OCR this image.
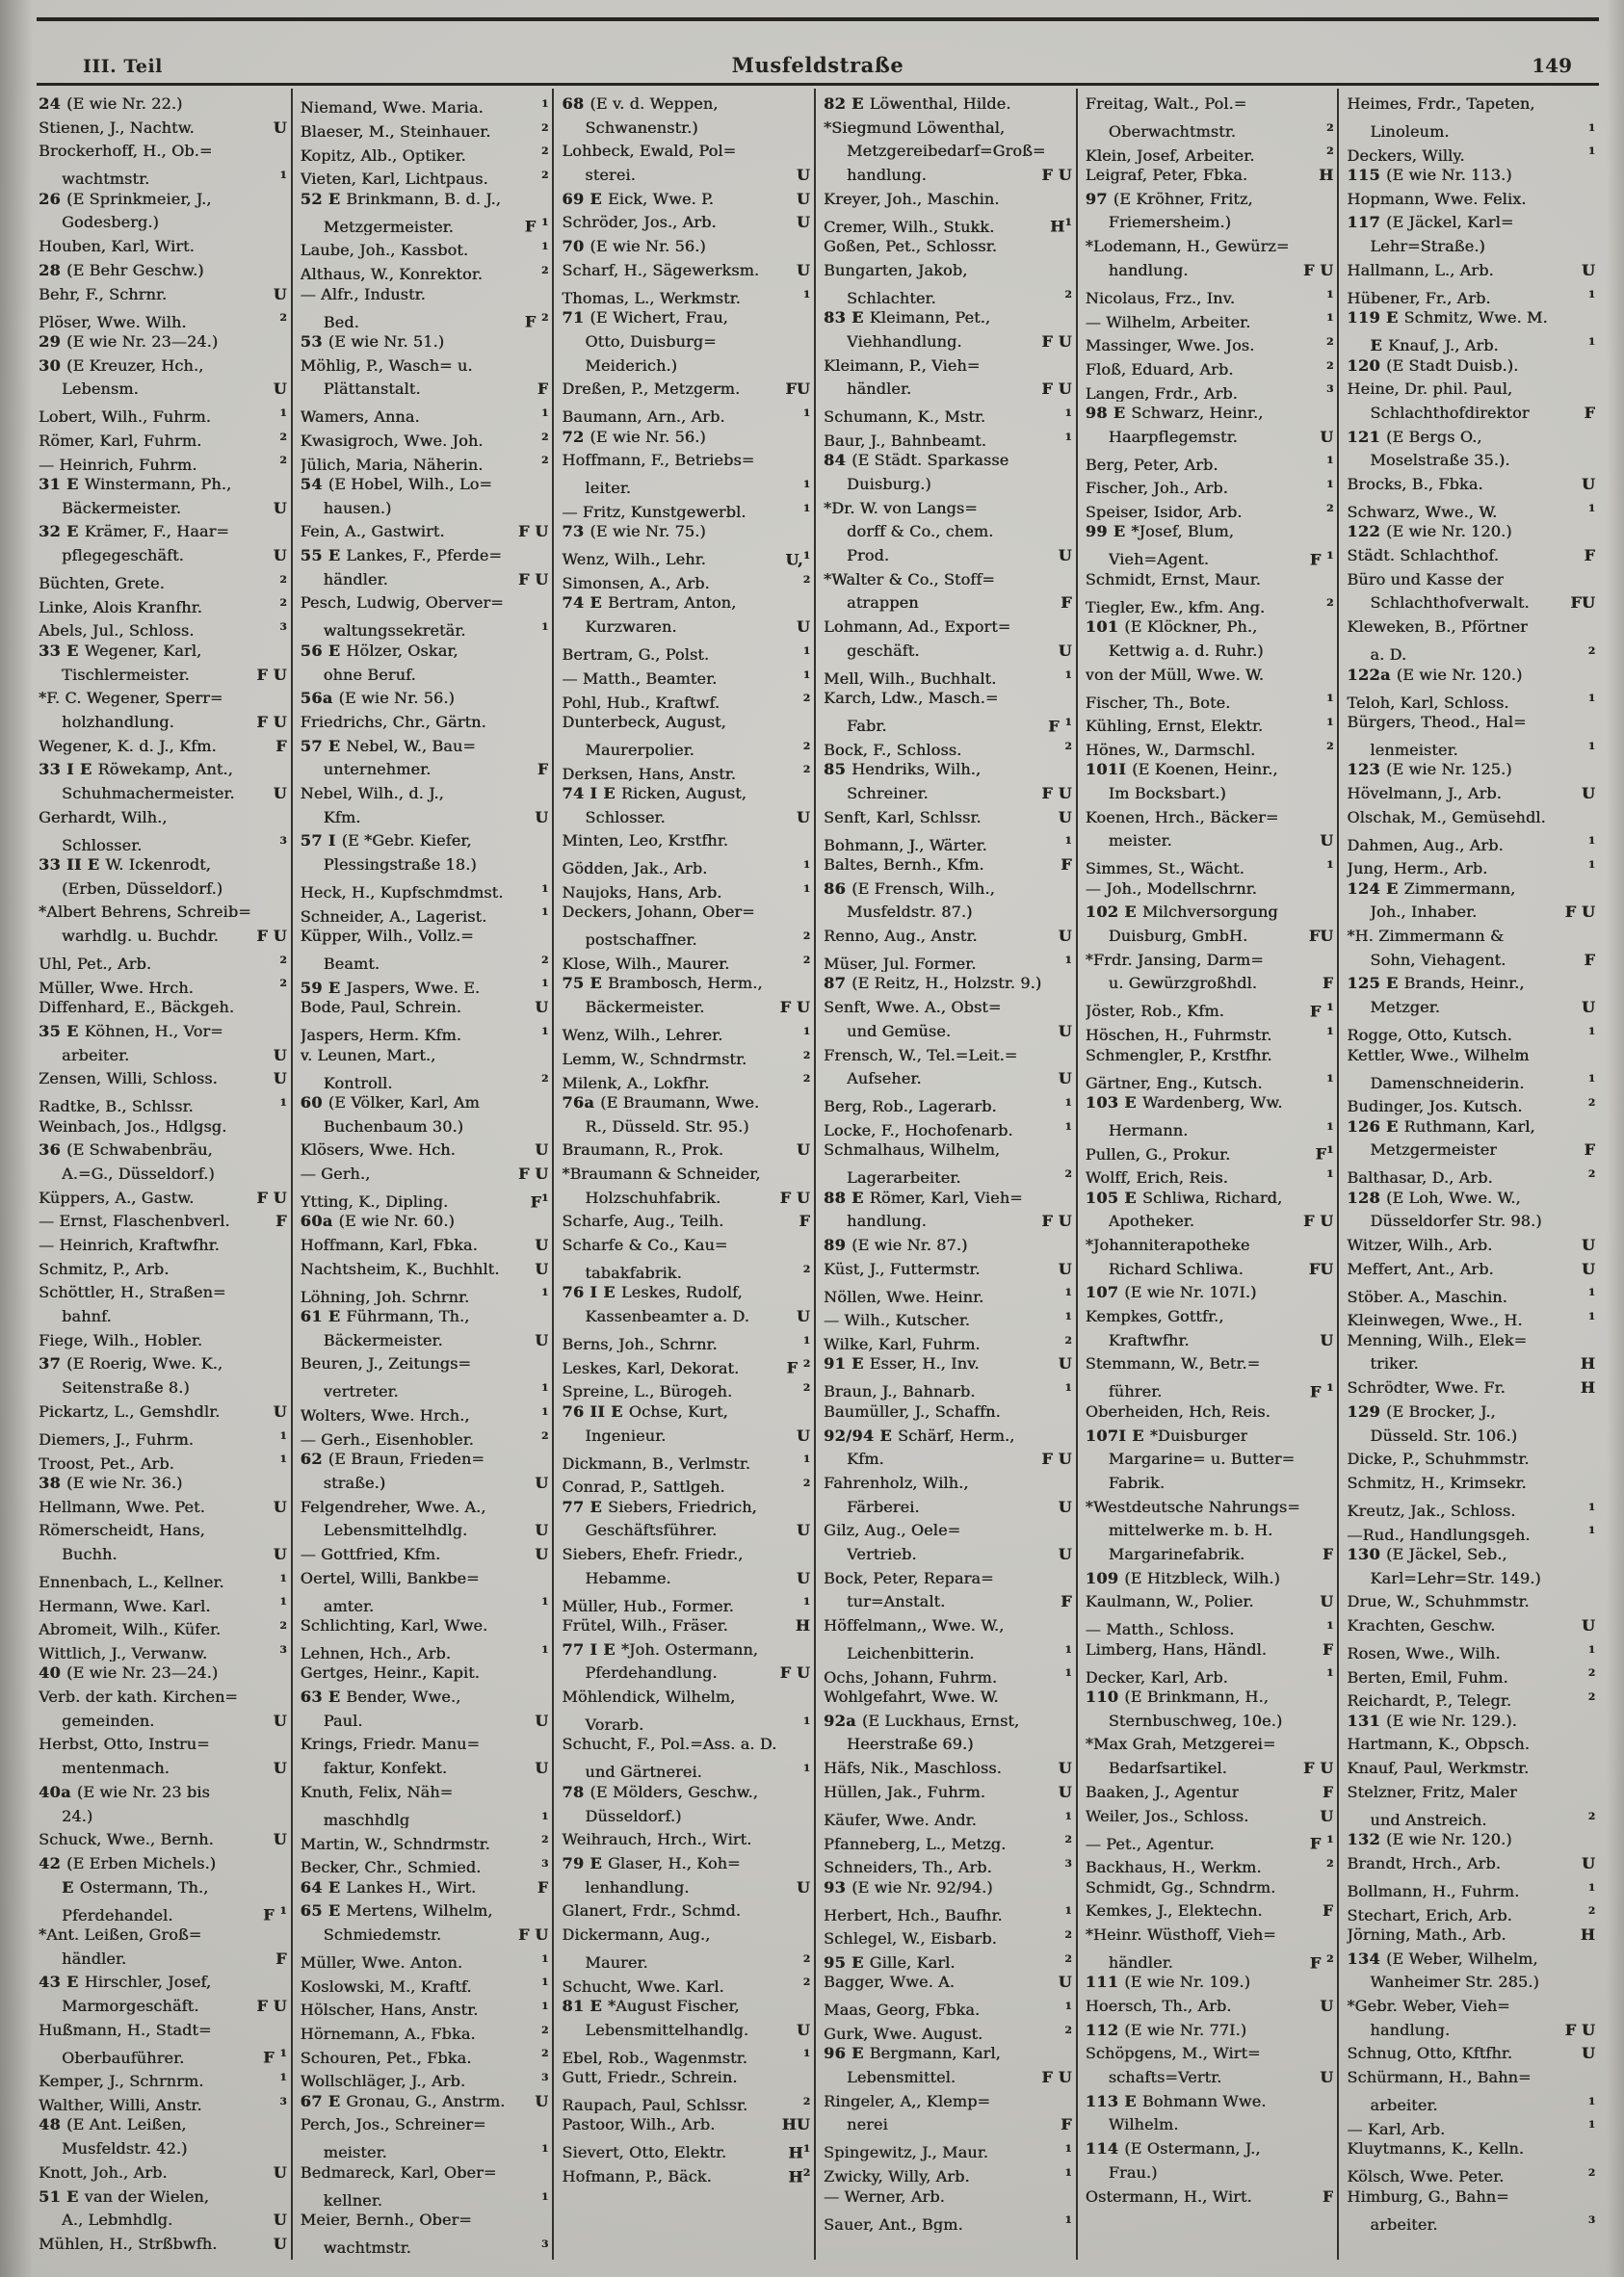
III. Teil	Musfeldstraße	149
24 (E wie Nr. 22.)
Stienen, J., Nachtw.	U
Brockerhoff, H., Ob.=
wachtmstr.	$^1$
26 (E Sprinkmeier, J.,
Godesberg.)
Houben, Karl, Wirt.
28 (E Behr Geschw.)
Behr, F., Schrnr.	U
Plöser, Wwe. Wilh.	$^2$
29 (E wie Nr. 23—24.)
30 (E Kreuzer, Hch.,
Lebensm.	U
Lobert, Wilh., Fuhrm.	$^1$
Römer, Karl, Fuhrm.	$^2$
— Heinrich, Fuhrm.	$^2$
31 E Winstermann, Ph.,
Bäckermeister.	U
32 E Krämer, F., Haar=
pflegegeschäft.	U
Büchten, Grete.	$^2$
Linke, Alois Kranfhr.	$^2$
Abels, Jul., Schloss.	$^3$
33 E Wegener, Karl,
Tischlermeister.	F U
*F. C. Wegener, Sperr=
holzhandlung.	F U
Wegener, K. d. J., Kfm.	F
33 I E Röwekamp, Ant.,
Schuhmachermeister. U
Gerhardt, Wilh.,
Schlosser.	$^3$
33 II E W. Ickenrodt,
(Erben, Düsseldorf.)
*Albert Behrens, Schreib=
warhdlg. u. Buchdr. F U
Uhl, Pet., Arb.	$^2$
Müller, Wwe. Hrch.	$^2$
Diffenhard, E., Bäckgeh.
35 E Köhnen, H., Vor=
arbeiter.	U
Zensen, Willi, Schloss.	U
Radtke, B., Schlssr.	$^1$
Weinbach, Jos., Hdlgsg.
36 (E Schwabenbräu,
A.=G., Düsseldorf.)
Küppers, A., Gastw.	F U
— Ernst, Flaschenbverl.	F
— Heinrich, Kraftwfhr.
Schmitz, P., Arb.
Schöttler, H., Straßen=
bahnf.
Fiege, Wilh., Hobler.
37 (E Roerig, Wwe. K.,
Seitenstraße 8.)
Pickartz, L., Gemshdlr.	U
Diemers, J., Fuhrm.	$^1$
Troost, Pet., Arb.	$^1$
38 (E wie Nr. 36.)
Hellmann, Wwe. Pet.	U
Römerscheidt, Hans,
Buchh.	U
Ennenbach, L., Kellner.	$^1$
Hermann, Wwe. Karl.	$^1$
Abromeit, Wilh., Küfer.	$^2$
Wittlich, J., Verwanw.	$^3$
40 (E wie Nr. 23—24.)
Verb. der kath. Kirchen=
gemeinden.	U
Herbst, Otto, Instru=
mentenmach.	U
40a (E wie Nr. 23 bis
24.)
Schuck, Wwe., Bernh.	U
42 (E Erben Michels.)
E Ostermann, Th.,
Pferdehandel.	F $^1$
*Ant. Leißen, Groß=
händler.	F
43 E Hirschler, Josef,
Marmorgeschäft.	F U
Hußmann, H., Stadt=
Oberbauführer.	F $^1$
Kemper, J., Schrnrm.	$^1$
Walther, Willi, Anstr.	$^3$
48 (E Ant. Leißen,
Musfeldstr. 42.)
Knott, Joh., Arb.	U
51 E van der Wielen,
A., Lebmhdlg.	U
Mühlen, H., Strßbwfh.	U
Niemand, Wwe. Maria.	$^1$
Blaeser, M., Steinhauer.	$^2$
Kopitz, Alb., Optiker.	$^2$
Vieten, Karl, Lichtpaus.	$^2$
52 E Brinkmann, B. d. J.,
Metzgermeister.	F $^1$
Laube, Joh., Kassbot.	$^1$
Althaus, W., Konrektor.	$^2$
— Alfr., Industr.
Bed.	F $^2$
53 (E wie Nr. 51.)
Möhlig, P., Wasch= u.
Plättanstalt.	F
Wamers, Anna.	$^1$
Kwasigroch, Wwe. Joh.	$^2$
Jülich, Maria, Näherin.	$^2$
54 (E Hobel, Wilh., Lo=
hausen.)
Fein, A., Gastwirt.	F U
55 E Lankes, F., Pferde=
händler.	F U
Pesch, Ludwig, Oberver=
waltungssekretär.	$^1$
56 E Hölzer, Oskar,
ohne Beruf.
56a (E wie Nr. 56.)
Friedrichs, Chr., Gärtn.
57 E Nebel, W., Bau=
unternehmer.	F
Nebel, Wilh., d. J.,
Kfm.	U
57 I (E *Gebr. Kiefer,
Plessingstraße 18.)
Heck, H., Kupfschmdmst.	$^1$
Schneider, A., Lagerist.	$^1$
Küpper, Wilh., Vollz.=
Beamt.	$^2$
59 E Jaspers, Wwe. E.	$^1$
Bode, Paul, Schrein.	U
Jaspers, Herm. Kfm.	$^1$
v. Leunen, Mart.,
Kontroll.	$^2$
60 (E Völker, Karl, Am
Buchenbaum 30.)
Klösers, Wwe. Hch.	U
— Gerh.,	F U
Ytting, K., Dipling.	$F^1$
60a (E wie Nr. 60.)
Hoffmann, Karl, Fbka.	U
Nachtsheim, K., Buchhlt. U
Löhning, Joh. Schrnr.	$^1$
61 E Führmann, Th.,
Bäckermeister.	U
Beuren, J., Zeitungs=
vertreter.	$^1$
Wolters, Wwe. Hrch.,	$^1$
— Gerh., Eisenhobler.	$^2$
62 (E Braun, Frieden=
straße.)	U
Felgendreher, Wwe. A.,
Lebensmittelhdlg.	U
— Gottfried, Kfm.	U
Oertel, Willi, Bankbe=
amter.	$^1$
Schlichting, Karl, Wwe.
Lehnen, Hch., Arb.	$^1$
Gertges, Heinr., Kapit.
63 E Bender, Wwe.,
Paul.	U
Krings, Friedr. Manu=
faktur, Konfekt.	U
Knuth, Felix, Näh=
maschhdlg	$^1$
Martin, W., Schndrmstr.	$^2$
Becker, Chr., Schmied.	$^3$
64 E Lankes H., Wirt.	F
65 E Mertens, Wilhelm,
Schmiedemstr.	F U
Müller, Wwe. Anton.	$^1$
Koslowski, M., Kraftf.	$^1$
Hölscher, Hans, Anstr.	$^1$
Hörnemann, A., Fbka.	$^2$
Schouren, Pet., Fbka.	$^2$
Wollschläger, J., Arb.	$^3$
67 E Gronau, G., Anstrm. U
Perch, Jos., Schreiner=
meister.	$^1$
Bedmareck, Karl, Ober=
kellner.	$^1$
Meier, Bernh., Ober=
wachtmstr.	$^3$
68 (E v. d. Weppen,
Schwanenstr.)
Lohbeck, Ewald, Pol=
sterei.	U
69 E Eick, Wwe. P.	U
Schröder, Jos., Arb.	U
70 (E wie Nr. 56.)
Scharf, H., Sägewerksm. U
Thomas, L., Werkmstr.	$^1$
71 (E Wichert, Frau,
Otto, Duisburg=
Meiderich.)
Dreßen, P., Metzgerm.	FU
Baumann, Arn., Arb.	$^1$
72 (E wie Nr. 56.)
Hoffmann, F., Betriebs=
leiter.	$^1$
— Fritz, Kunstgewerbl.	$^1$
73 (E wie Nr. 75.)
Wenz, Wilh., Lehr.	U,$^1$
Simonsen, A., Arb.	$^2$
74 E Bertram, Anton,
Kurzwaren.	U
Bertram, G., Polst.	$^1$
— Matth., Beamter.	$^1$
Pohl, Hub., Kraftwf.	$^2$
Dunterbeck, August,
Maurerpolier.	$^2$
Derksen, Hans, Anstr.	$^2$
74 I E Ricken, August,
Schlosser.	U
Minten, Leo, Krstfhr.
Gödden, Jak., Arb.	$^1$
Naujoks, Hans, Arb.	$^1$
Deckers, Johann, Ober=
postschaffner.	$^2$
Klose, Wilh., Maurer.	$^2$
75 E Brambosch, Herm.,
Bäckermeister.	F U
Wenz, Wilh., Lehrer.	$^1$
Lemm, W., Schndrmstr.	$^2$
Milenk, A., Lokfhr.	$^2$
76a (E Braumann, Wwe.
R., Düsseld. Str. 95.)
Braumann, R., Prok.	U
*Braumann & Schneider,
Holzschuhfabrik.	F U
Scharfe, Aug., Teilh.	F
Scharfe & Co., Kau=
tabakfabrik.	$^2$
76 I E Leskes, Rudolf,
Kassenbeamter a. D.	U
Berns, Joh., Schrnr.	$^1$
Leskes, Karl, Dekorat.	F $^2$
Spreine, L., Bürogeh.	$^2$
76 II E Ochse, Kurt,
Ingenieur.	U
Dickmann, B., Verlmstr.	$^1$
Conrad, P., Sattlgeh.	$^2$
77 E Siebers, Friedrich,
Geschäftsführer.	U
Siebers, Ehefr. Friedr.,
Hebamme.	U
Müller, Hub., Former.	$^1$
Frütel, Wilh., Fräser.	H
77 I E *Joh. Ostermann,
Pferdehandlung.	F U
Möhlendick, Wilhelm,
Vorarb.	$^1$
Schucht, F., Pol.=Ass. a. D.
und Gärtnerei.	$^1$
78 (E Mölders, Geschw.,
Düsseldorf.)
Weihrauch, Hrch., Wirt.
79 E Glaser, H., Koh=
lenhandlung.	U
Glanert, Frdr., Schmd.
Dickermann, Aug.,
Maurer.	$^2$
Schucht, Wwe. Karl.	$^2$
81 E *August Fischer,
Lebensmittelhandlg.	U
Ebel, Rob., Wagenmstr.	$^1$
Gutt, Friedr., Schrein.
Raupach, Paul, Schlssr.	$^2$
Pastoor, Wilh., Arb.	HU
Sievert, Otto, Elektr.	$H^1$
Hofmann, P., Bäck.	$H^2$
82 E Löwenthal, Hilde.
*Siegmund Löwenthal,
Metzgereibedarf=Groß=
handlung.	F U
Kreyer, Joh., Maschin.
Cremer, Wilh., Stukk.	$H^1$
Goßen, Pet., Schlossr.
Bungarten, Jakob,
Schlachter.	$^2$
83 E Kleimann, Pet.,
Viehhandlung.	F U
Kleimann, P., Vieh=
händler.	F U
Schumann, K., Mstr.	$^1$
Baur, J., Bahnbeamt.	$^1$
84 (E Städt. Sparkasse
Duisburg.)
*Dr. W. von Langs=
dorff & Co., chem.
Prod.	U
*Walter & Co., Stoff=
atrappen	F
Lohmann, Ad., Export=
geschäft.	U
Mell, Wilh., Buchhalt.	$^1$
Karch, Ldw., Masch.=
Fabr.	F $^1$
Bock, F., Schloss.	$^2$
85 Hendriks, Wilh.,
Schreiner.	F U
Senft, Karl, Schlssr.	U
Bohmann, J., Wärter.	$^1$
Baltes, Bernh., Kfm.	F
86 (E Frensch, Wilh.,
Musfeldstr. 87.)
Renno, Aug., Anstr.	U
Müser, Jul. Former.	$^1$
87 (E Reitz, H., Holzstr. 9.)
Senft, Wwe. A., Obst=
und Gemüse.	U
Frensch, W., Tel.=Leit.=
Aufseher.	U
Berg, Rob., Lagerarb.	$^1$
Locke, F., Hochofenarb.	$^1$
Schmalhaus, Wilhelm,
Lagerarbeiter.	$^2$
88 E Römer, Karl, Vieh=
handlung.	F U
89 (E wie Nr. 87.)
Küst, J., Futtermstr.	U
Nöllen, Wwe. Heinr.	$^1$
— Wilh., Kutscher.	$^1$
Wilke, Karl, Fuhrm.	$^2$
91 E Esser, H., Inv.	U
Braun, J., Bahnarb.	$^1$
Baumüller, J., Schaffn.
92/94 E Schärf, Herm.,
Kfm.	F U
Fahrenholz, Wilh.,
Färberei.	U
Gilz, Aug., Oele=
Vertrieb.	U
Bock, Peter, Repara=
tur=Anstalt.	F
Höffelmann,, Wwe. W.,
Leichenbitterin.	$^1$
Ochs, Johann, Fuhrm.	$^1$
Wohlgefahrt, Wwe. W.
92a (E Luckhaus, Ernst,
Heerstraße 69.)
Häfs, Nik., Maschloss.	U
Hüllen, Jak., Fuhrm.	U
Käufer, Wwe. Andr.	$^1$
Pfanneberg, L., Metzg.	$^2$
Schneiders, Th., Arb.	$^3$
93 (E wie Nr. 92/94.)
Herbert, Hch., Baufhr.	$^1$
Schlegel, W., Eisbarb.	$^2$
95 E Gille, Karl.	$^2$
Bagger, Wwe. A.	U
Maas, Georg, Fbka.	$^1$
Gurk, Wwe. August.	$^2$
96 E Bergmann, Karl,
Lebensmittel.	F U
Ringeler, A,, Klemp=
nerei	F
Spingewitz, J., Maur.	$^1$
Zwicky, Willy, Arb.	$^1$
— Werner, Arb.
Sauer, Ant., Bgm.	$^1$
Freitag, Walt., Pol.=
Oberwachtmstr.	$^2$
Klein, Josef, Arbeiter.	$^2$
Leigraf, Peter, Fbka.	H
97 (E Kröhner, Fritz,
Friemersheim.)
*Lodemann, H., Gewürz=
handlung.	F U
Nicolaus, Frz., Inv.	$^1$
— Wilhelm, Arbeiter.	$^1$
Massinger, Wwe. Jos.	$^2$
Floß, Eduard, Arb.	$^2$
Langen, Frdr., Arb.	$^3$
98 E Schwarz, Heinr.,
Haarpflegemstr.	U
Berg, Peter, Arb.	$^1$
Fischer, Joh., Arb.	$^1$
Speiser, Isidor, Arb.	$^2$
99 E *Josef, Blum,
Vieh=Agent.	F $^1$
Schmidt, Ernst, Maur.
Tiegler, Ew., kfm. Ang.	$^2$
101 (E Klöckner, Ph.,
Kettwig a. d. Ruhr.)
von der Müll, Wwe. W.
Fischer, Th., Bote.	$^1$
Kühling, Ernst, Elektr.	$^1$
Hönes, W., Darmschl.	$^2$
101I (E Koenen, Heinr.,
Im Bocksbart.)
Koenen, Hrch., Bäcker=
meister.	U
Simmes, St., Wächt.	$^1$
— Joh., Modellschrnr.
102 E Milchversorgung
Duisburg, GmbH.	FU
*Frdr. Jansing, Darm=
u. Gewürzgroßhdl.	F
Jöster, Rob., Kfm.	F $^1$
Höschen, H., Fuhrmstr.	$^1$
Schmengler, P., Krstfhr.
Gärtner, Eng., Kutsch.	$^1$
103 E Wardenberg, Ww.
Hermann.	$^1$
Pullen, G., Prokur.	$F^1$
Wolff, Erich, Reis.	$^1$
105 E Schliwa, Richard,
Apotheker.	F U
*Johanniterapotheke
Richard Schliwa.	FU
107 (E wie Nr. 107I.)
Kempkes, Gottfr.,
Kraftwfhr.	U
Stemmann, W., Betr.=
führer.	F $^1$
Oberheiden, Hch, Reis.
107I E *Duisburger
Margarine= u. Butter=
Fabrik.
*Westdeutsche Nahrungs=
mittelwerke m. b. H.
Margarinefabrik.	F
109 (E Hitzbleck, Wilh.)
Kaulmann, W., Polier.	U
— Matth., Schloss.	$^1$
Limberg, Hans, Händl.	F
Decker, Karl, Arb.	$^1$
110 (E Brinkmann, H.,
Sternbuschweg, 10e.)
*Max Grah, Metzgerei=
Bedarfsartikel.	F U
Baaken, J., Agentur	F
Weiler, Jos., Schloss.	U
— Pet., Agentur.	F $^1$
Backhaus, H., Werkm.	$^2$
Schmidt, Gg., Schndrm.
Kemkes, J., Elektechn.	F
*Heinr. Wüsthoff, Vieh=
händler.	F $^2$
111 (E wie Nr. 109.)
Hoersch, Th., Arb.	U
112 (E wie Nr. 77I.)
Schöpgens, M., Wirt=
schafts=Vertr.	U
113 E Bohmann Wwe.
Wilhelm.
114 (E Ostermann, J.,
Frau.)
Ostermann, H., Wirt.	F
Heimes, Frdr., Tapeten,
Linoleum.	$^1$
Deckers, Willy.	$^1$
115 (E wie Nr. 113.)
Hopmann, Wwe. Felix.
117 (E Jäckel, Karl=
Lehr=Straße.)
Hallmann, L., Arb.	U
Hübener, Fr., Arb.	$^1$
119 E Schmitz, Wwe. M.
E Knauf, J., Arb.	$^1$
120 (E Stadt Duisb.).
Heine, Dr. phil. Paul,
Schlachthofdirektor	F
121 (E Bergs O.,
Moselstraße 35.).
Brocks, B., Fbka.	U
Schwarz, Wwe., W.	$^1$
122 (E wie Nr. 120.)
Städt. Schlachthof.	F
Büro und Kasse der
Schlachthofverwalt.	FU
Kleweken, B., Pförtner
a. D.	$^2$
122a (E wie Nr. 120.)
Teloh, Karl, Schloss.	$^1$
Bürgers, Theod., Hal=
lenmeister.	$^1$
123 (E wie Nr. 125.)
Hövelmann, J., Arb.	U
Olschak, M., Gemüsehdl.
Dahmen, Aug., Arb.	$^1$
Jung, Herm., Arb.	$^1$
124 E Zimmermann,
Joh., Inhaber.	F U
*H. Zimmermann &
Sohn, Viehagent.	F
125 E Brands, Heinr.,
Metzger.	U
Rogge, Otto, Kutsch.	$^1$
Kettler, Wwe., Wilhelm
Damenschneiderin.	$^1$
Budinger, Jos. Kutsch.	$^2$
126 E Ruthmann, Karl,
Metzgermeister	F
Balthasar, D., Arb.	$^2$
128 (E Loh, Wwe. W.,
Düsseldorfer Str. 98.)
Witzer, Wilh., Arb.	U
Meffert, Ant., Arb.	U
Stöber. A., Maschin.	$^1$
Kleinwegen, Wwe., H.	$^1$
Menning, Wilh., Elek=
triker.	H
Schrödter, Wwe. Fr.	H
129 (E Brocker, J.,
Düsseld. Str. 106.)
Dicke, P., Schuhmmstr.
Schmitz, H., Krimsekr.
Kreutz, Jak., Schloss.	$^1$
—Rud., Handlungsgeh.	$^1$
130 (E Jäckel, Seb.,
Karl=Lehr=Str. 149.)
Drue, W., Schuhmmstr.
Krachten, Geschw.	U
Rosen, Wwe., Wilh.	$^1$
Berten, Emil, Fuhm.	$^2$
Reichardt, P., Telegr.	$^2$
131 (E wie Nr. 129.).
Hartmann, K., Obpsch.
Knauf, Paul, Werkmstr.
Stelzner, Fritz, Maler
und Anstreich.	$^2$
132 (E wie Nr. 120.)
Brandt, Hrch., Arb.	U
Bollmann, H., Fuhrm.	$^1$
Stechart, Erich, Arb.	$^2$
Jörning, Math., Arb.	H
134 (E Weber, Wilhelm,
Wanheimer Str. 285.)
*Gebr. Weber, Vieh=
handlung.	F U
Schnug, Otto, Kftfhr.	U
Schürmann, H., Bahn=
arbeiter.	$^1$
— Karl, Arb.	$^1$
Kluytmanns, K., Kelln.
Kölsch, Wwe. Peter.	$^2$
Himburg, G., Bahn=
arbeiter.	$^3$
